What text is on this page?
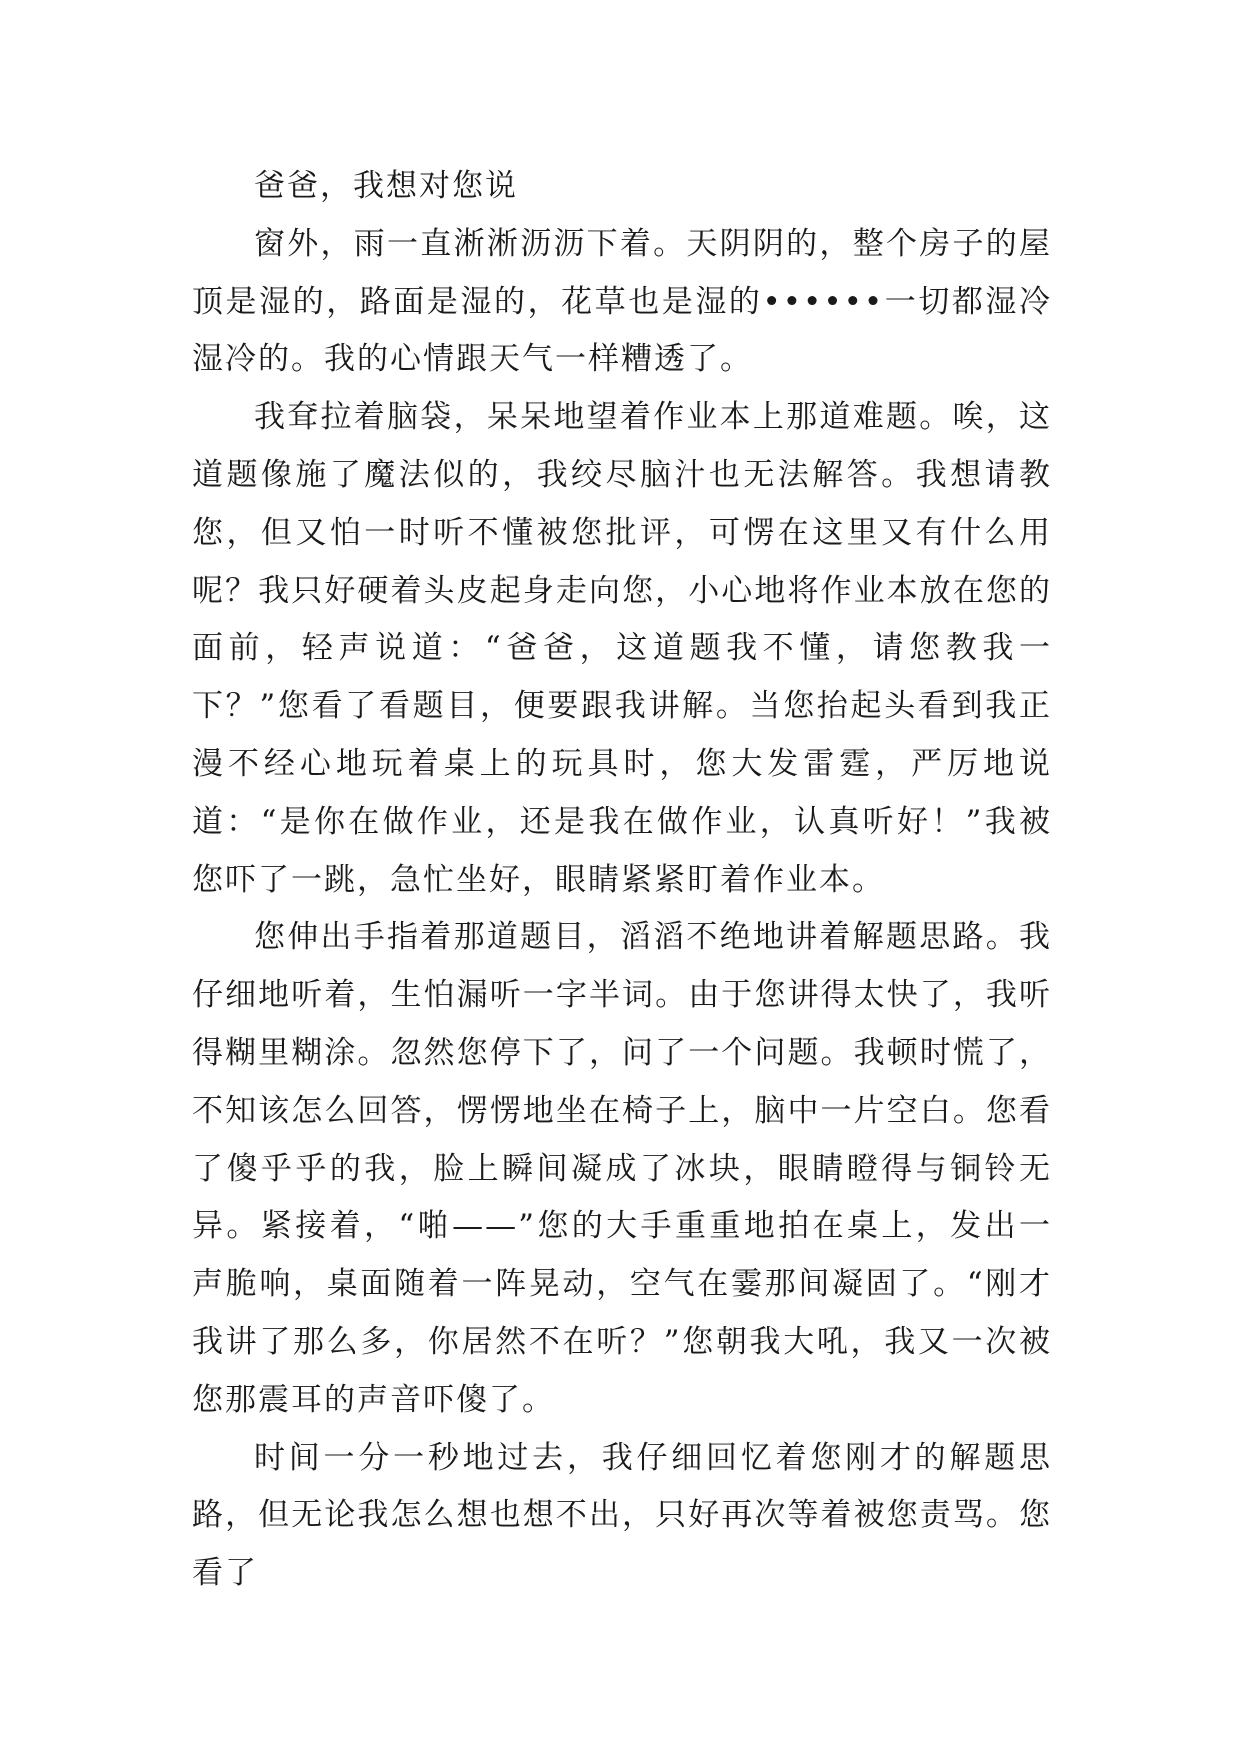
爸爸，我想对您说

窗外，雨一直淅淅沥沥下着。天阴阴的，整个房子的屋顶是湿的，路面是湿的，花草也是湿的••••••一切都湿冷湿冷的。我的心情跟天气一样糟透了。

我耷拉着脑袋，呆呆地望着作业本上那道难题。唉，这道题像施了魔法似的，我绞尽脑汁也无法解答。我想请教您，但又怕一时听不懂被您批评，可愣在这里又有什么用呢？我只好硬着头皮起身走向您，小心地将作业本放在您的面前，轻声说道：“爸爸，这道题我不懂，请您教我一下？”您看了看题目，便要跟我讲解。当您抬起头看到我正漫不经心地玩着桌上的玩具时，您大发雷霆，严厉地说道：“是你在做作业，还是我在做作业，认真听好！”我被您吓了一跳，急忙坐好，眼睛紧紧盯着作业本。

您伸出手指着那道题目，滔滔不绝地讲着解题思路。我仔细地听着，生怕漏听一字半词。由于您讲得太快了，我听得糊里糊涂。忽然您停下了，问了一个问题。我顿时慌了，不知该怎么回答，愣愣地坐在椅子上，脑中一片空白。您看了傻乎乎的我，脸上瞬间凝成了冰块，眼睛瞪得与铜铃无异。紧接着，“啪——”您的大手重重地拍在桌上，发出一声脆响，桌面随着一阵晃动，空气在霎那间凝固了。“刚才我讲了那么多，你居然不在听？”您朝我大吼，我又一次被您那震耳的声音吓傻了。

时间一分一秒地过去，我仔细回忆着您刚才的解题思路，但无论我怎么想也想不出，只好再次等着被您责骂。您看了
